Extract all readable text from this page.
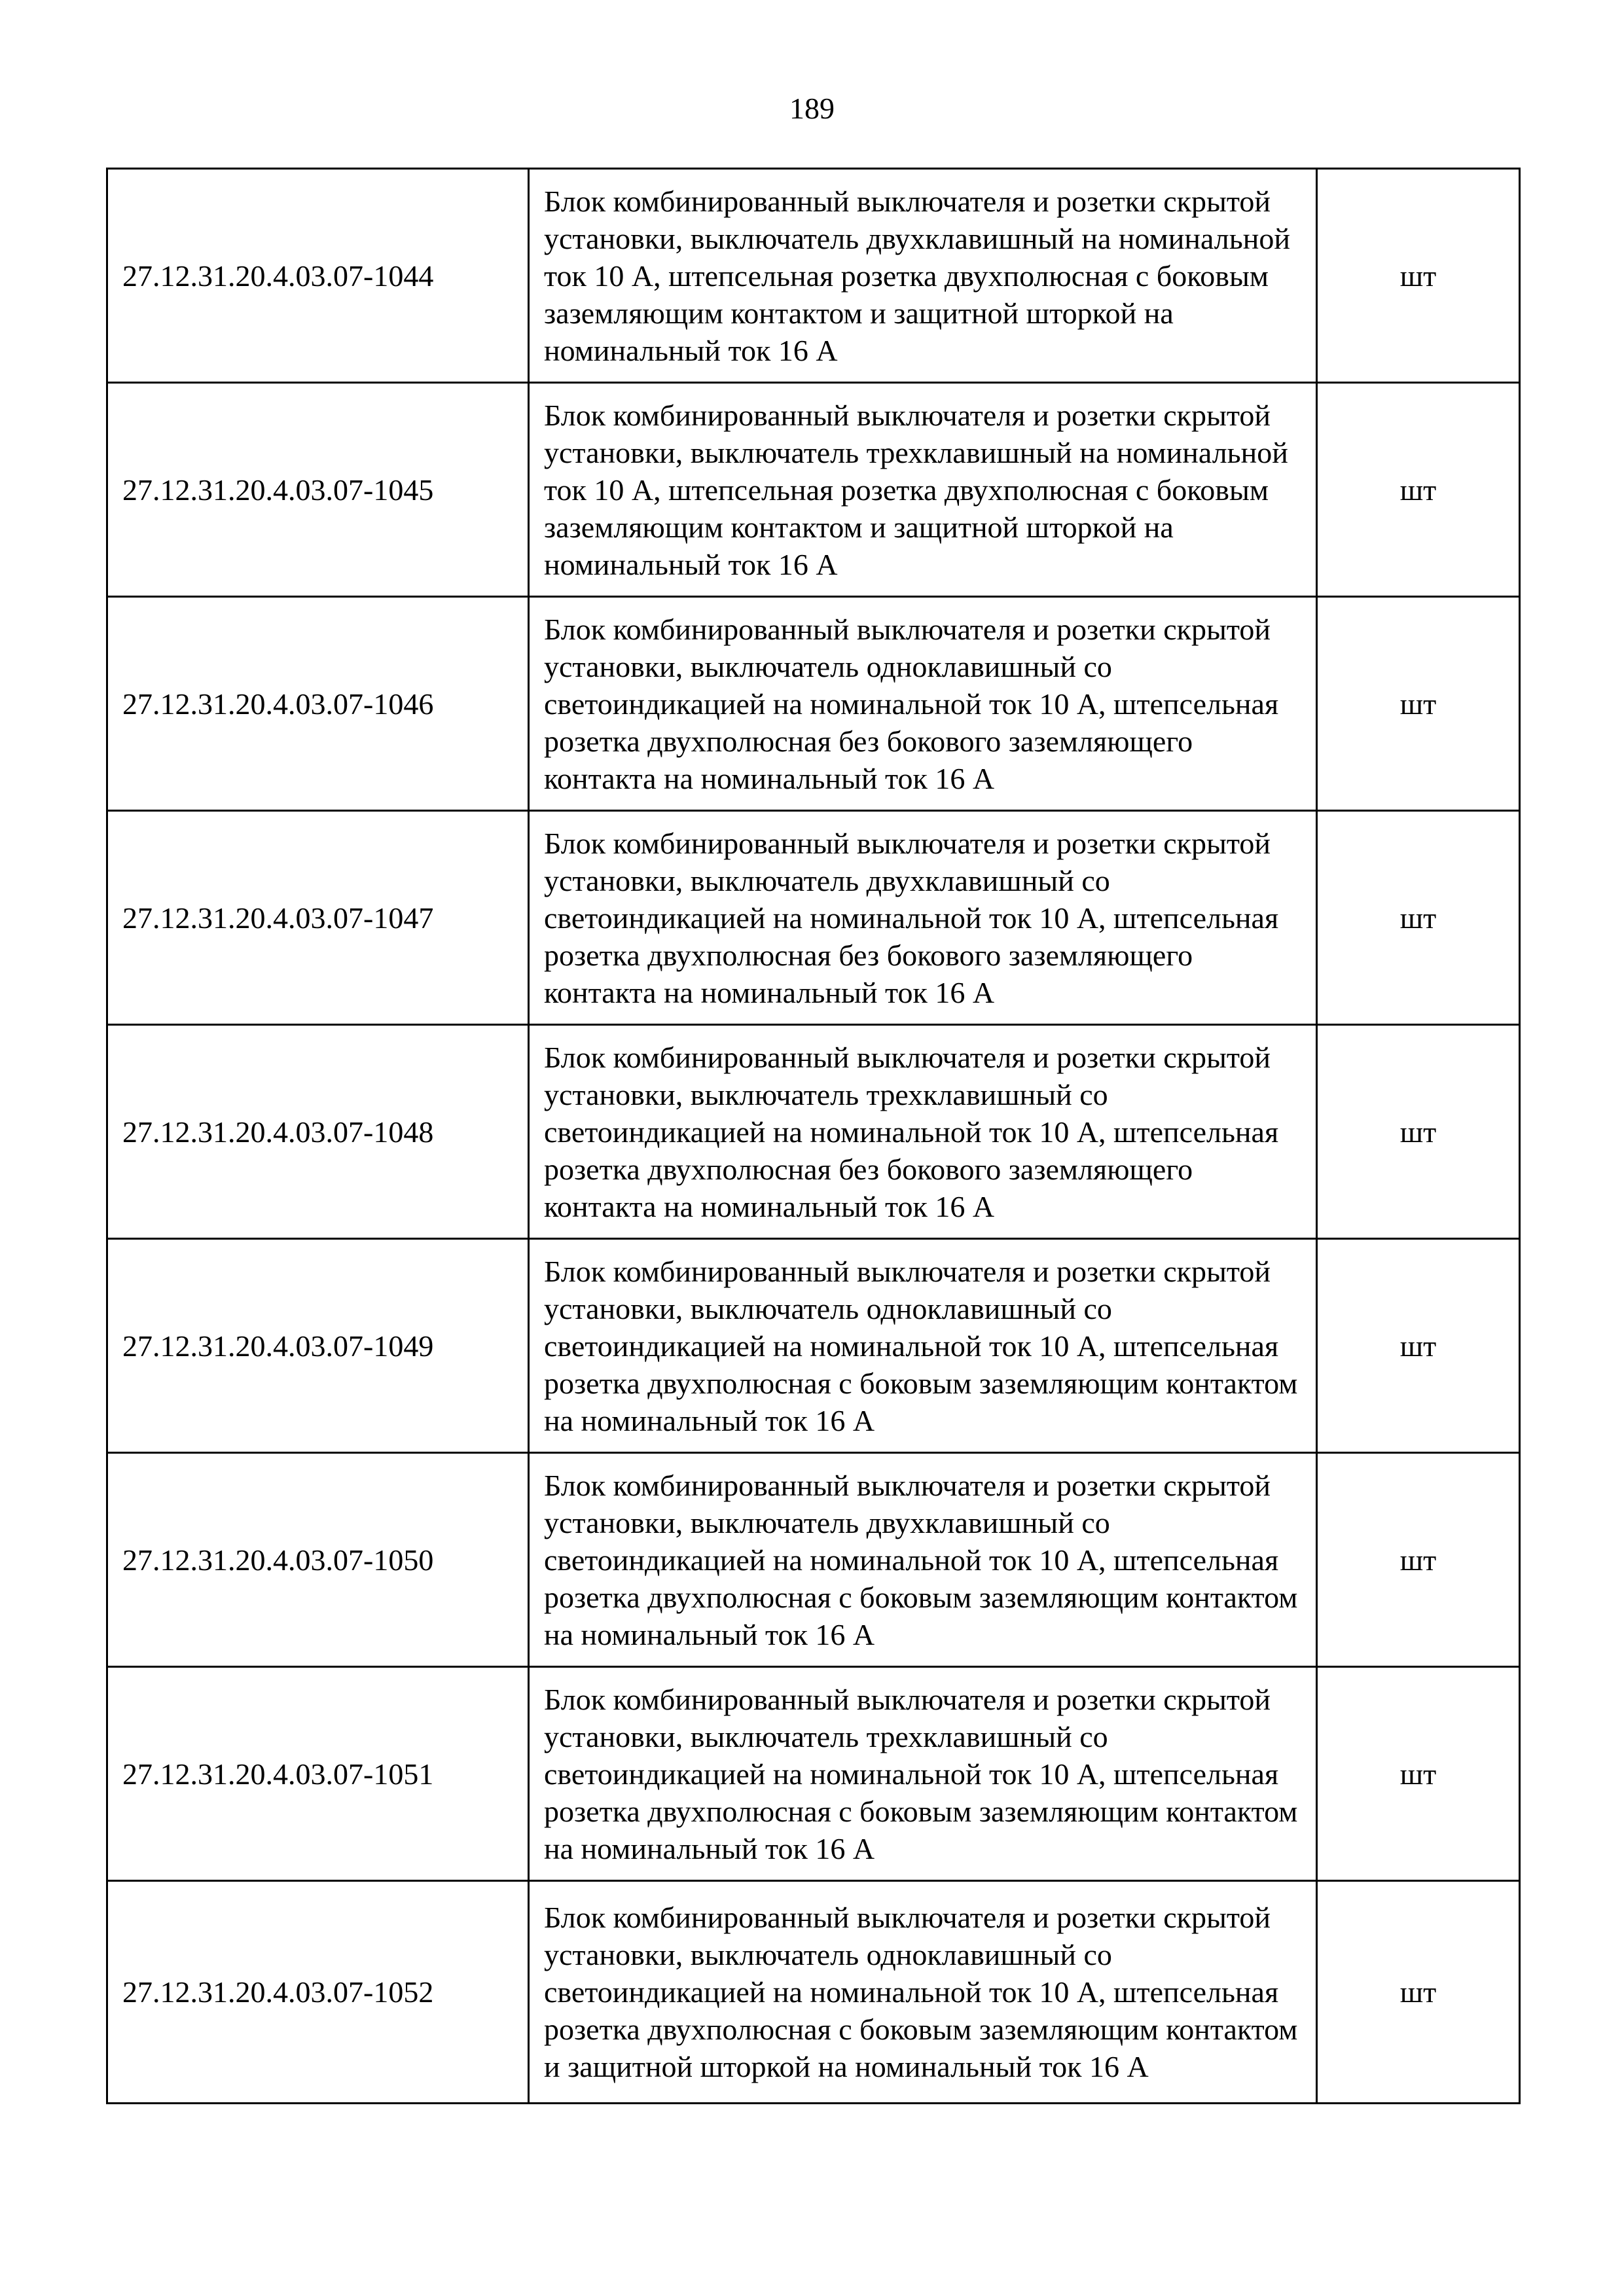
189
27.12.31.20.4.03.07-1044	Блок комбинированный выключателя и розетки скрытой установки, выключатель двухклавишный на номинальной ток 10 А, штепсельная розетка двухполюсная с боковым заземляющим контактом и защитной шторкой на номинальный ток 16 А	шт
27.12.31.20.4.03.07-1045	Блок комбинированный выключателя и розетки скрытой установки, выключатель трехклавишный на номинальной ток 10 А, штепсельная розетка двухполюсная с боковым заземляющим контактом и защитной шторкой на номинальный ток 16 А	шт
27.12.31.20.4.03.07-1046	Блок комбинированный выключателя и розетки скрытой установки, выключатель одноклавишный со светоиндикацией на номинальной ток 10 А, штепсельная розетка двухполюсная без бокового заземляющего контакта на номинальный ток 16 А	шт
27.12.31.20.4.03.07-1047	Блок комбинированный выключателя и розетки скрытой установки, выключатель двухклавишный со светоиндикацией на номинальной ток 10 А, штепсельная розетка двухполюсная без бокового заземляющего контакта на номинальный ток 16 А	шт
27.12.31.20.4.03.07-1048	Блок комбинированный выключателя и розетки скрытой установки, выключатель трехклавишный со светоиндикацией на номинальной ток 10 А, штепсельная розетка двухполюсная без бокового заземляющего контакта на номинальный ток 16 А	шт
27.12.31.20.4.03.07-1049	Блок комбинированный выключателя и розетки скрытой установки, выключатель одноклавишный со светоиндикацией на номинальной ток 10 А, штепсельная розетка двухполюсная с боковым заземляющим контактом на номинальный ток 16 А	шт
27.12.31.20.4.03.07-1050	Блок комбинированный выключателя и розетки скрытой установки, выключатель двухклавишный со светоиндикацией на номинальной ток 10 А, штепсельная розетка двухполюсная с боковым заземляющим контактом на номинальный ток 16 А	шт
27.12.31.20.4.03.07-1051	Блок комбинированный выключателя и розетки скрытой установки, выключатель трехклавишный со светоиндикацией на номинальной ток 10 А, штепсельная розетка двухполюсная с боковым заземляющим контактом на номинальный ток 16 А	шт
27.12.31.20.4.03.07-1052	Блок комбинированный выключателя и розетки скрытой установки, выключатель одноклавишный со светоиндикацией на номинальной ток 10 А, штепсельная розетка двухполюсная с боковым заземляющим контактом и защитной шторкой на номинальный ток 16 А	шт
